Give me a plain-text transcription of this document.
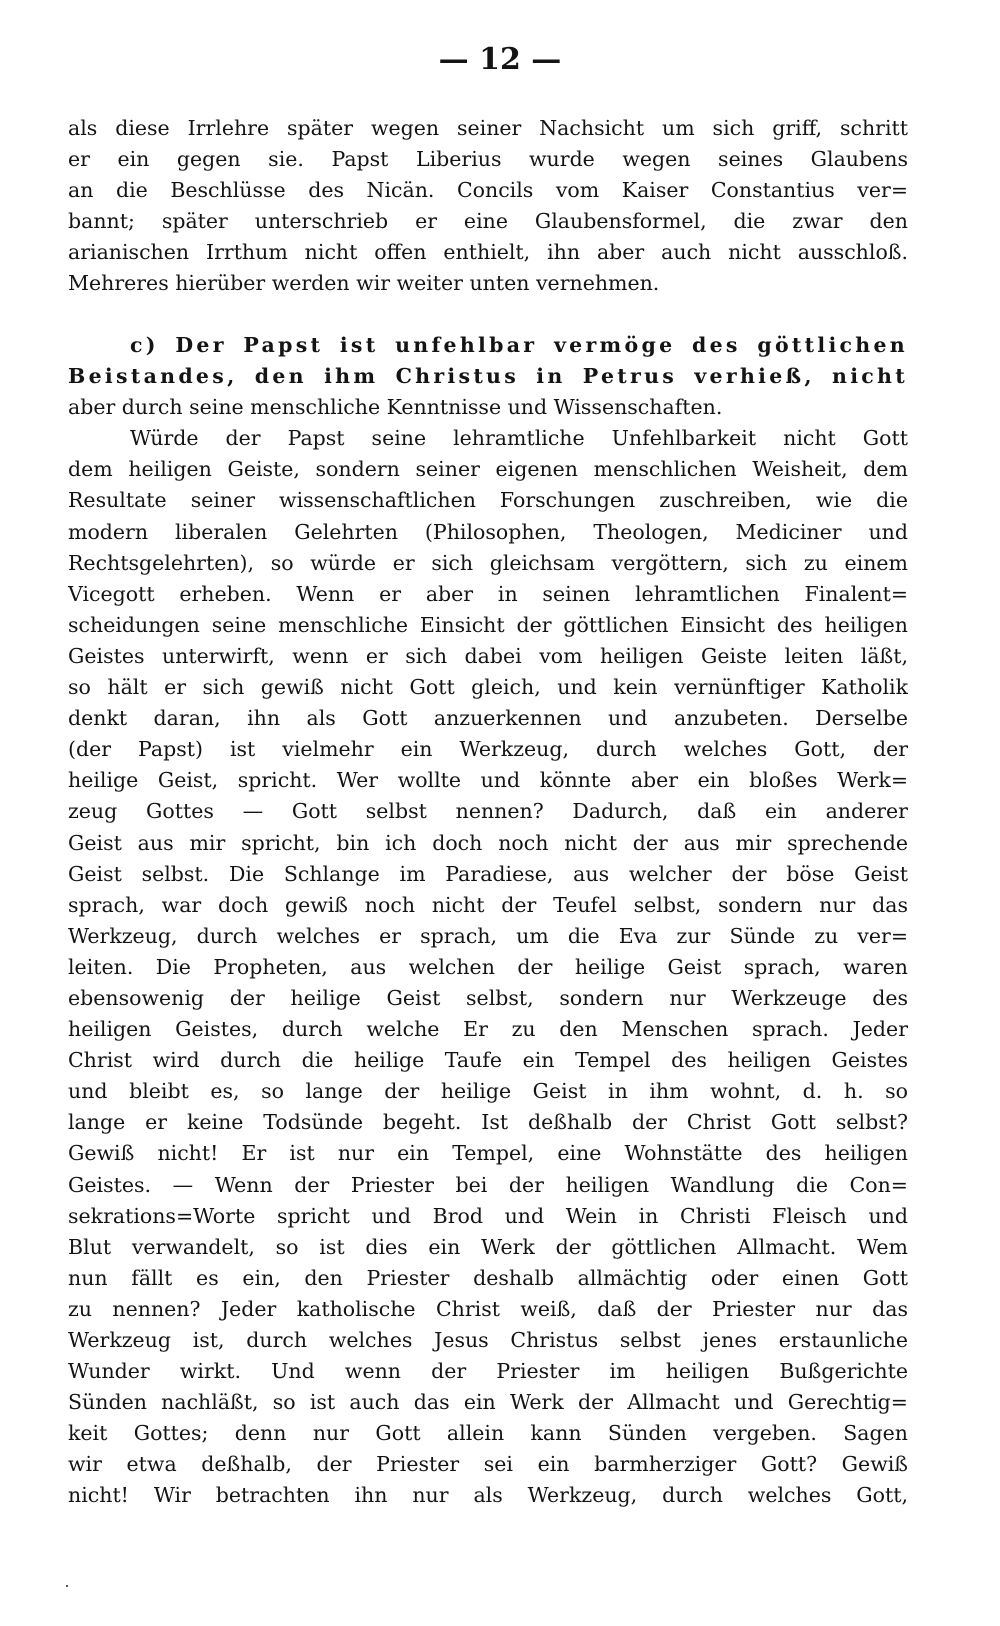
— 12 —
als diese Irrlehre später wegen seiner Nachsicht um sich griff, schritt
er ein gegen sie. Papst Liberius wurde wegen seines Glaubens
an die Beschlüsse des Nicän. Concils vom Kaiser Constantius ver=
bannt; später unterschrieb er eine Glaubensformel, die zwar den
arianischen Irrthum nicht offen enthielt, ihn aber auch nicht ausschloß.
Mehreres hierüber werden wir weiter unten vernehmen.
c) Der Papst ist unfehlbar vermöge des göttlichen
Beistandes, den ihm Christus in Petrus verhieß, nicht
aber durch seine menschliche Kenntnisse und Wissenschaften.
Würde der Papst seine lehramtliche Unfehlbarkeit nicht Gott
dem heiligen Geiste, sondern seiner eigenen menschlichen Weisheit, dem
Resultate seiner wissenschaftlichen Forschungen zuschreiben, wie die
modern liberalen Gelehrten (Philosophen, Theologen, Mediciner und
Rechtsgelehrten), so würde er sich gleichsam vergöttern, sich zu einem
Vicegott erheben. Wenn er aber in seinen lehramtlichen Finalent=
scheidungen seine menschliche Einsicht der göttlichen Einsicht des heiligen
Geistes unterwirft, wenn er sich dabei vom heiligen Geiste leiten läßt,
so hält er sich gewiß nicht Gott gleich, und kein vernünftiger Katholik
denkt daran, ihn als Gott anzuerkennen und anzubeten. Derselbe
(der Papst) ist vielmehr ein Werkzeug, durch welches Gott, der
heilige Geist, spricht. Wer wollte und könnte aber ein bloßes Werk=
zeug Gottes — Gott selbst nennen? Dadurch, daß ein anderer
Geist aus mir spricht, bin ich doch noch nicht der aus mir sprechende
Geist selbst. Die Schlange im Paradiese, aus welcher der böse Geist
sprach, war doch gewiß noch nicht der Teufel selbst, sondern nur das
Werkzeug, durch welches er sprach, um die Eva zur Sünde zu ver=
leiten. Die Propheten, aus welchen der heilige Geist sprach, waren
ebensowenig der heilige Geist selbst, sondern nur Werkzeuge des
heiligen Geistes, durch welche Er zu den Menschen sprach. Jeder
Christ wird durch die heilige Taufe ein Tempel des heiligen Geistes
und bleibt es, so lange der heilige Geist in ihm wohnt, d. h. so
lange er keine Todsünde begeht. Ist deßhalb der Christ Gott selbst?
Gewiß nicht! Er ist nur ein Tempel, eine Wohnstätte des heiligen
Geistes. — Wenn der Priester bei der heiligen Wandlung die Con=
sekrations=Worte spricht und Brod und Wein in Christi Fleisch und
Blut verwandelt, so ist dies ein Werk der göttlichen Allmacht. Wem
nun fällt es ein, den Priester deshalb allmächtig oder einen Gott
zu nennen? Jeder katholische Christ weiß, daß der Priester nur das
Werkzeug ist, durch welches Jesus Christus selbst jenes erstaunliche
Wunder wirkt. Und wenn der Priester im heiligen Bußgerichte
Sünden nachläßt, so ist auch das ein Werk der Allmacht und Gerechtig=
keit Gottes; denn nur Gott allein kann Sünden vergeben. Sagen
wir etwa deßhalb, der Priester sei ein barmherziger Gott? Gewiß
nicht! Wir betrachten ihn nur als Werkzeug, durch welches Gott,
